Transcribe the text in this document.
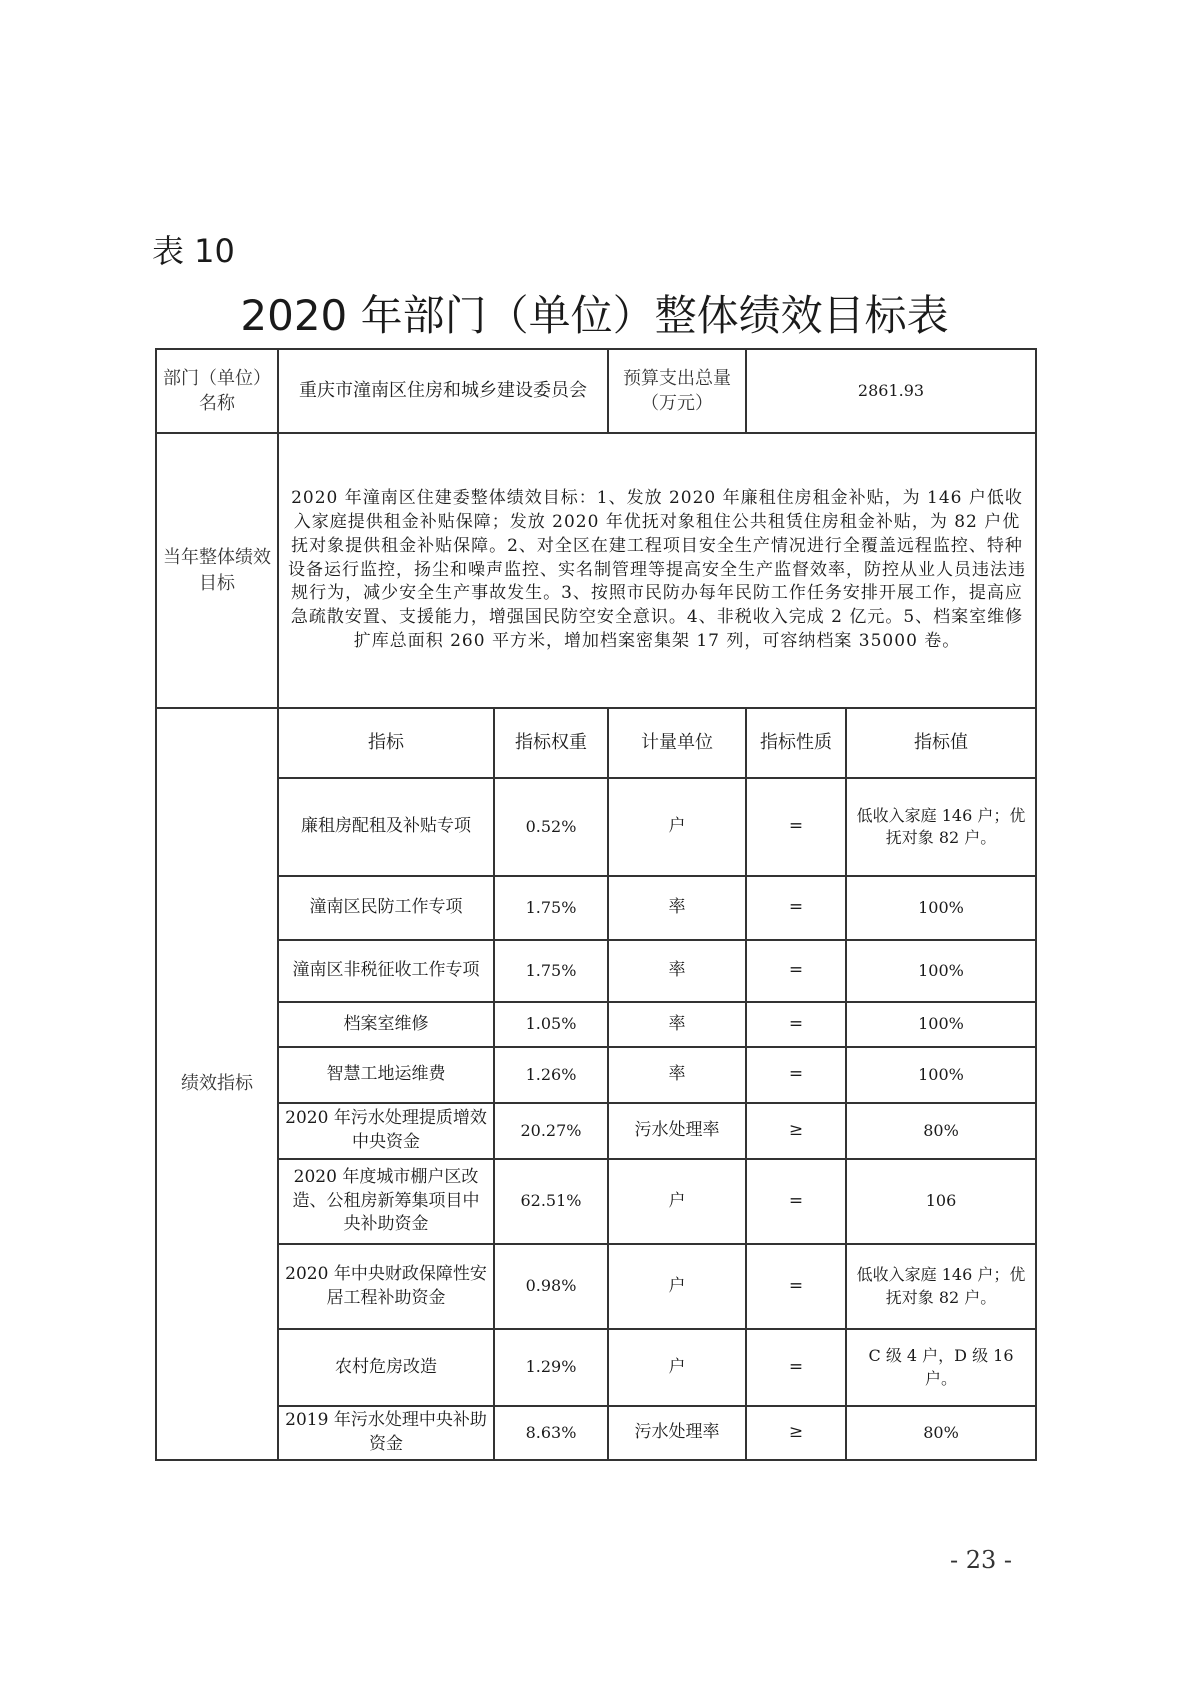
表 10
2020 年部门（单位）整体绩效目标表
部门（单位）名称	重庆市潼南区住房和城乡建设委员会		预算支出总量（万元）	2861.93	
当年整体绩效目标	2020 年潼南区住建委整体绩效目标：1、发放 2020 年廉租住房租金补贴，为 146 户低收入家庭提供租金补贴保障；发放 2020 年优抚对象租住公共租赁住房租金补贴，为 82 户优抚对象提供租金补贴保障。2、对全区在建工程项目安全生产情况进行全覆盖远程监控、特种设备运行监控，扬尘和噪声监控、实名制管理等提高安全生产监督效率，防控从业人员违法违规行为，减少安全生产事故发生。3、按照市民防办每年民防工作任务安排开展工作，提高应急疏散安置、支援能力，增强国民防空安全意识。4、非税收入完成 2 亿元。5、档案室维修扩库总面积 260 平方米，增加档案密集架 17 列，可容纳档案 35000 卷。				
绩效指标	指标	指标权重	计量单位	指标性质	指标值
	廉租房配租及补贴专项	0.52%	户	=	低收入家庭 146 户；优抚对象 82 户。
	潼南区民防工作专项	1.75%	率	=	100%
	潼南区非税征收工作专项	1.75%	率	=	100%
	档案室维修	1.05%	率	=	100%
	智慧工地运维费	1.26%	率	=	100%
	2020 年污水处理提质增效中央资金	20.27%	污水处理率	≥	80%
	2020 年度城市棚户区改造、公租房新筹集项目中央补助资金	62.51%	户	=	106
	2020 年中央财政保障性安居工程补助资金	0.98%	户	=	低收入家庭 146 户；优抚对象 82 户。
	农村危房改造	1.29%	户	=	C 级 4 户，D 级 16 户。
	2019 年污水处理中央补助资金	8.63%	污水处理率	≥	80%
- 23 -
